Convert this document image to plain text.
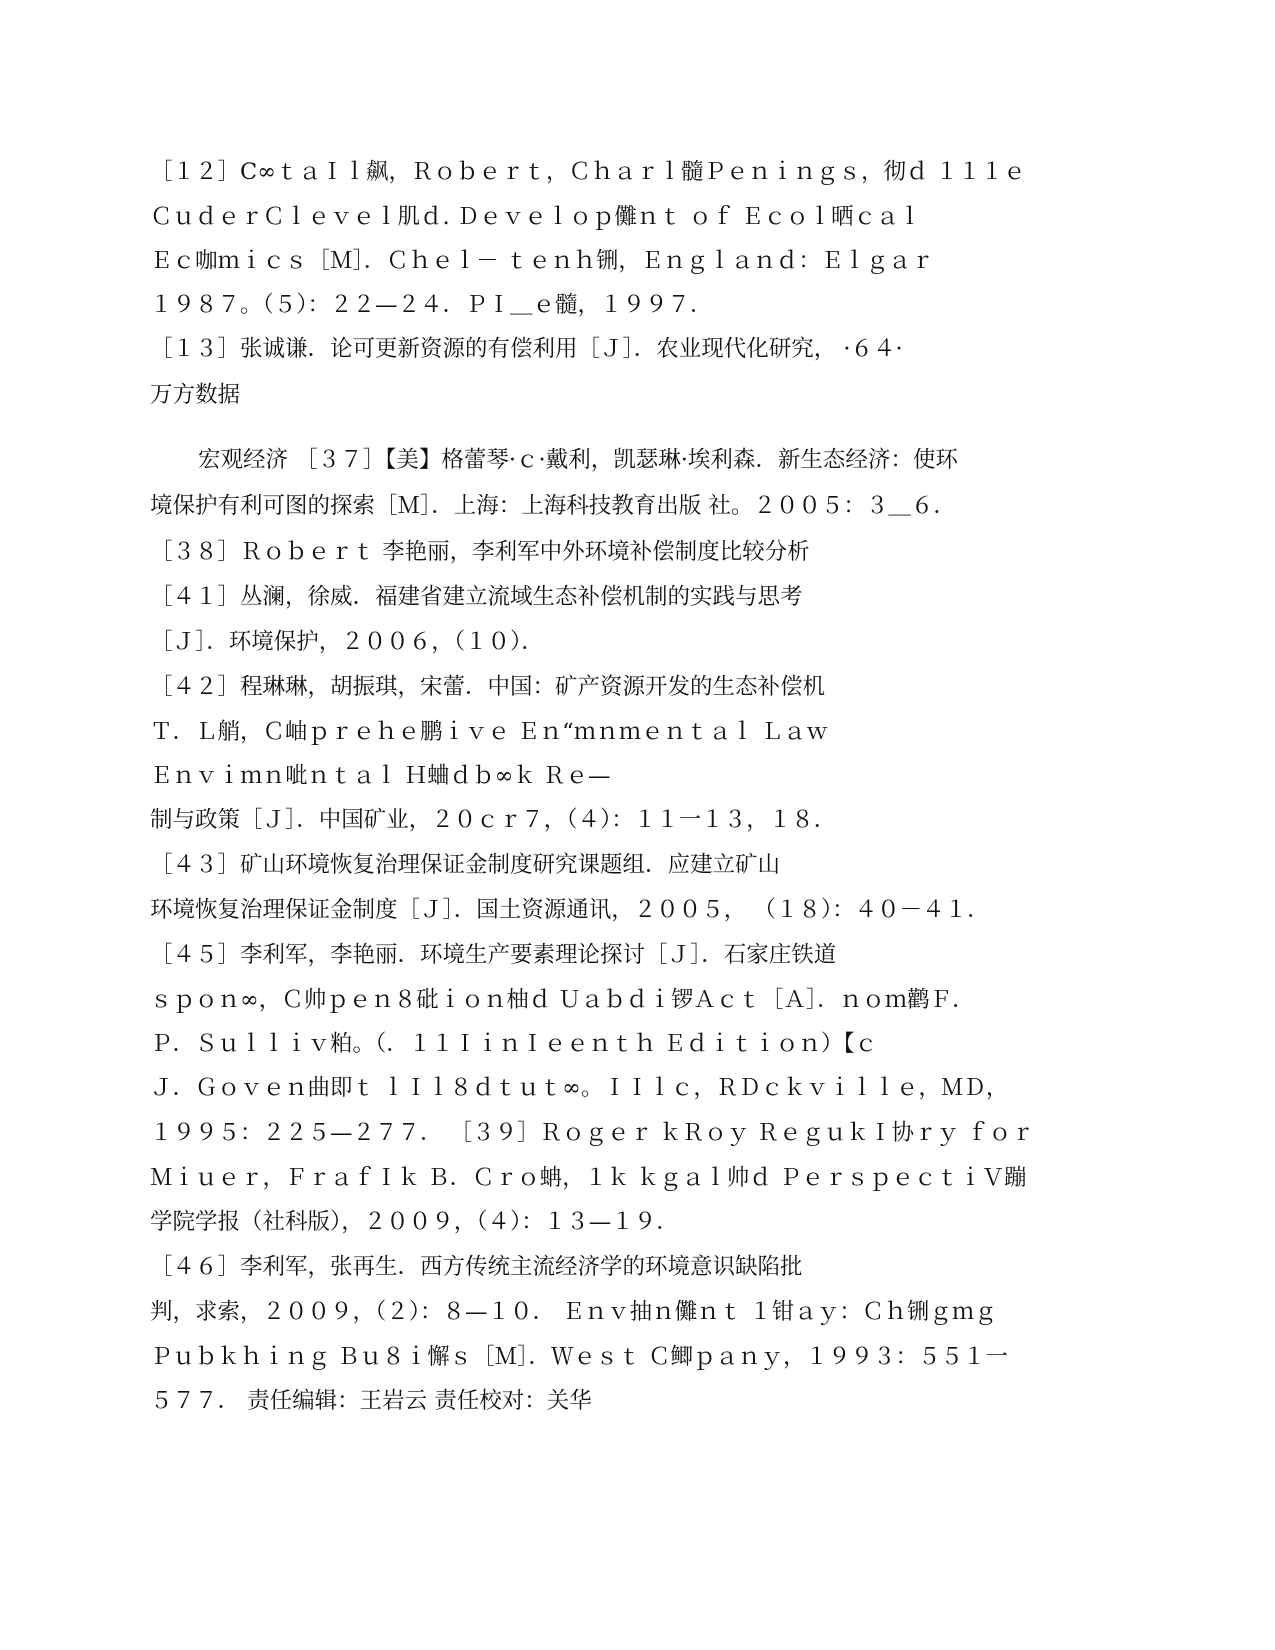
［１２］C∞ｔａＩｌ飙，Ｒｏｂｅｒｔ，Ｃｈａｒｌ髓Ｐｅｎｉｎｇｓ，彻ｄ １１１ｅ
ＣｕｄｅｒＣｌｅｖｅｌ肌ｄ. Ｄｅｖｅｌｏｐ儺ｎｔ ｏｆ Ｅｃｏｌ晒ｃａｌ
Ｅｃ咖ｍｉｃｓ［Ｍ］．Ｃｈｅｌ－ ｔｅｎｈ铏，Ｅｎｇｌａｎｄ：Ｅｌｇａｒ
１９８７。（５）：２２—２４．ＰＩ＿ｅ髓，１９９７．
［１３］张诚谦．论可更新资源的有偿利用［Ｊ］．农业现代化研究， ·６４·
万方数据
宏观经济 ［３７］【美】格蕾琴·ｃ·戴利，凯瑟琳·埃利森．新生态经济：使环
境保护有利可图的探索［Ｍ］．上海：上海科技教育出版 社。２００５：３＿６．
［３８］Ｒｏｂｅｒｔ 李艳丽，李利军中外环境补偿制度比较分析
［４１］丛澜，徐威．福建省建立流域生态补偿机制的实践与思考
［Ｊ］．环境保护，２００６，（１０）．
［４２］程琳琳，胡振琪，宋蕾．中国：矿产资源开发的生态补偿机
Ｔ．Ｌ艄，Ｃ岫ｐｒｅｈｅ鹏ｉｖｅ Ｅｎ“ｍｎｍｅｎｔａｌ Ｌａｗ
Ｅｎｖｉｍｎ呲ｎｔａｌ Ｈ蛐ｄｂ∞ｋ Ｒｅ—
制与政策［Ｊ］．中国矿业，２０ｃｒ７，（４）：１１一１３，１８．
［４３］矿山环境恢复治理保证金制度研究课题组．应建立矿山
环境恢复治理保证金制度［Ｊ］．国土资源通讯，２００５， （１８）：４０－４１．
［４５］李利军，李艳丽．环境生产要素理论探讨［Ｊ］．石家庄铁道
ｓｐｏｎ∞，Ｃ帅ｐｅｎ８砒ｉｏｎ柚ｄ Ｕａｂｄｉ锣Ａｃｔ［Ａ］．ｎｏｍ鹳Ｆ．
Ｐ．Ｓｕｌｌｉｖ粕。（．１１ＩｉｎＩｅｅｎｔｈ Ｅｄｉｔｉｏｎ）【ｃ
Ｊ．Ｇｏｖｅｎ曲即ｔ ｌＩｌ８ｄｔｕｔ∞。ＩＩｌｃ，ＲＤｃｋｖｉｌｌｅ，ＭＤ，
１９９５：２２５—２７７． ［３９］Ｒｏｇｅｒ ｋＲｏｙ ＲｅｇｕｋＩ协ｒｙ ｆｏｒ
Ｍｉｕｅｒ，ＦｒａｆＩｋ Ｂ．Ｃｒｏ蚺，１ｋ ｋｇａｌ帅ｄ ＰｅｒｓｐｅｃｔｉＶ蹦
学院学报（社科版），２００９，（４）：１３—１９．
［４６］李利军，张再生．西方传统主流经济学的环境意识缺陷批
判，求索，２００９，（２）：８—１０． Ｅｎｖ抽ｎ儺ｎｔ １钳ａｙ：Ｃｈ铏ｇｍｇ
Ｐｕｂｋｈｉｎｇ Ｂｕ８ｉ懈ｓ［Ｍ］．Ｗｅｓｔ Ｃ鲫ｐａｎｙ，１９９３：５５１一
５７７． 责任编辑：王岩云 责任校对：关华
